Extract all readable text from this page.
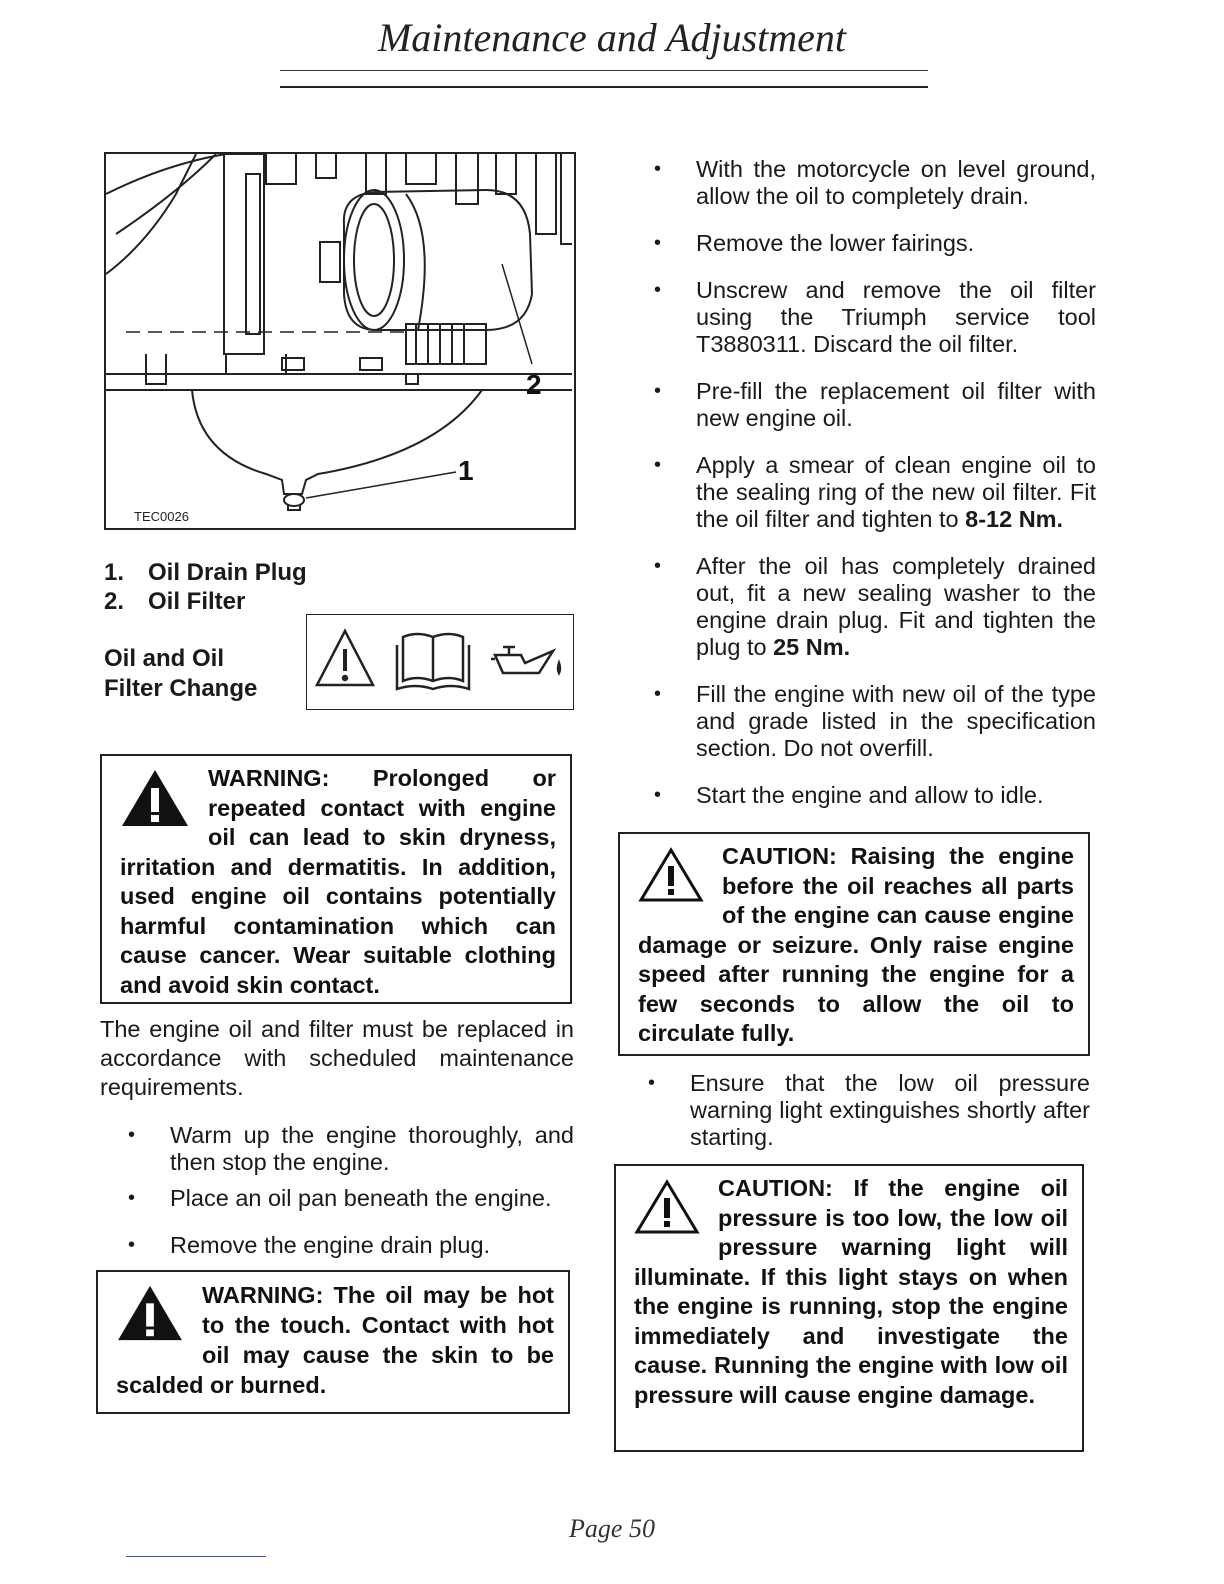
Maintenance and Adjustment
1
2
TEC0026
1. Oil Drain Plug
2. Oil Filter
Oil and Oil
Filter Change

WARNING: Prolonged or repeated contact with engine oil can lead to skin dryness, irritation and dermatitis. In addition, used engine oil contains potentially harmful contamination which can cause cancer. Wear suitable clothing and avoid skin contact.

The engine oil and filter must be replaced in accordance with scheduled maintenance requirements.

• Warm up the engine thoroughly, and then stop the engine.

• Place an oil pan beneath the engine.

• Remove the engine drain plug.

WARNING: The oil may be hot to the touch. Contact with hot oil may cause the skin to be scalded or burned.

• With the motorcycle on level ground, allow the oil to completely drain.

• Remove the lower fairings.

• Unscrew and remove the oil filter using the Triumph service tool T3880311. Discard the oil filter.

• Pre-fill the replacement oil filter with new engine oil.

• Apply a smear of clean engine oil to the sealing ring of the new oil filter. Fit the oil filter and tighten to 8-12 Nm.

• After the oil has completely drained out, fit a new sealing washer to the engine drain plug. Fit and tighten the plug to 25 Nm.

• Fill the engine with new oil of the type and grade listed in the specification section. Do not overfill.

• Start the engine and allow to idle.

CAUTION: Raising the engine before the oil reaches all parts of the engine can cause engine damage or seizure. Only raise engine speed after running the engine for a few seconds to allow the oil to circulate fully.

• Ensure that the low oil pressure warning light extinguishes shortly after starting.

CAUTION: If the engine oil pressure is too low, the low oil pressure warning light will illuminate. If this light stays on when the engine is running, stop the engine immediately and investigate the cause. Running the engine with low oil pressure will cause engine damage.

Page 50
